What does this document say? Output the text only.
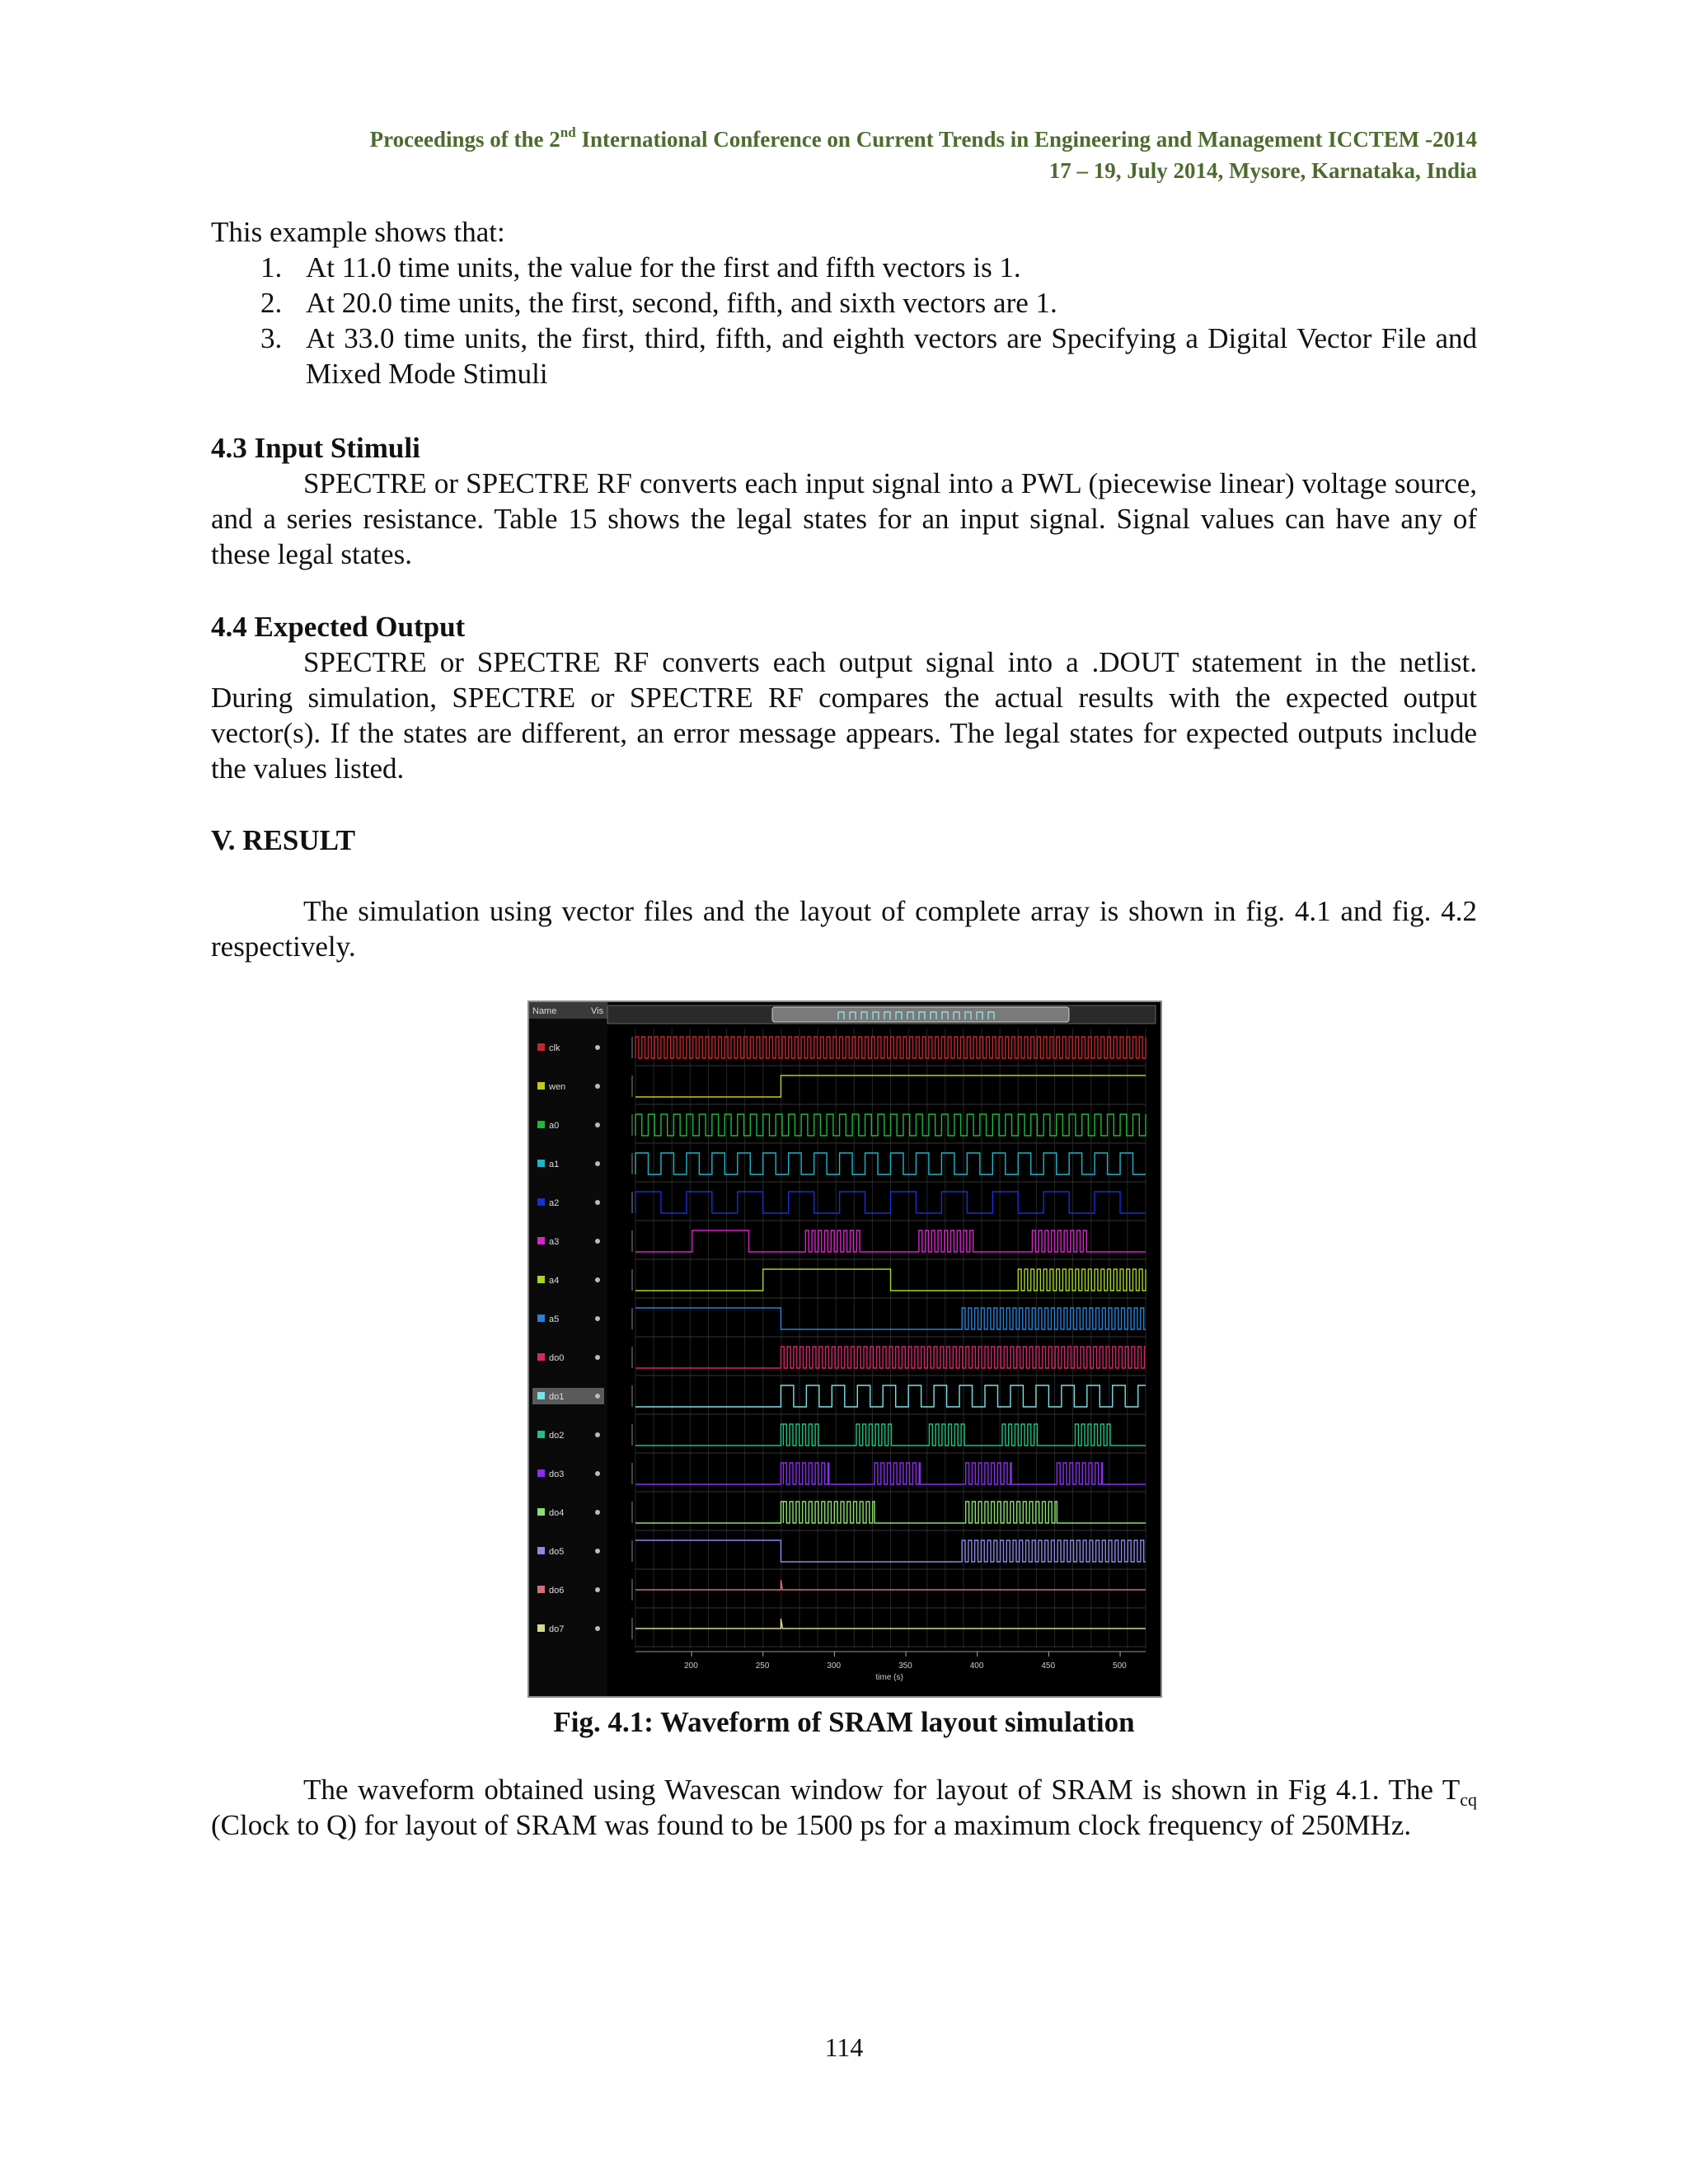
Proceedings of the 2nd International Conference on Current Trends in Engineering and Management ICCTEM -2014
17 – 19, July 2014, Mysore, Karnataka, India

This example shows that:

1. At 11.0 time units, the value for the first and fifth vectors is 1.
2. At 20.0 time units, the first, second, fifth, and sixth vectors are 1.
3. At 33.0 time units, the first, third, fifth, and eighth vectors are Specifying a Digital Vector File and Mixed Mode Stimuli

4.3 Input Stimuli

SPECTRE or SPECTRE RF converts each input signal into a PWL (piecewise linear) voltage source, and a series resistance. Table 15 shows the legal states for an input signal. Signal values can have any of these legal states.

4.4 Expected Output

SPECTRE or SPECTRE RF converts each output signal into a .DOUT statement in the netlist. During simulation, SPECTRE or SPECTRE RF compares the actual results with the expected output vector(s). If the states are different, an error message appears. The legal states for expected outputs include the values listed.

V. RESULT

The simulation using vector files and the layout of complete array is shown in fig. 4.1 and fig. 4.2 respectively.

Name	Vis
clk
wen
a0
a1
a2
a3
a4
a5
do0
do1
do2
do3
do4
do5
do6
do7
200	250	300	350	400	450	500
time (s)
Fig. 4.1: Waveform of SRAM layout simulation

The waveform obtained using Wavescan window for layout of SRAM is shown in Fig 4.1. The $T_{cq}$ (Clock to Q) for layout of SRAM was found to be 1500 ps for a maximum clock frequency of 250MHz.

114
